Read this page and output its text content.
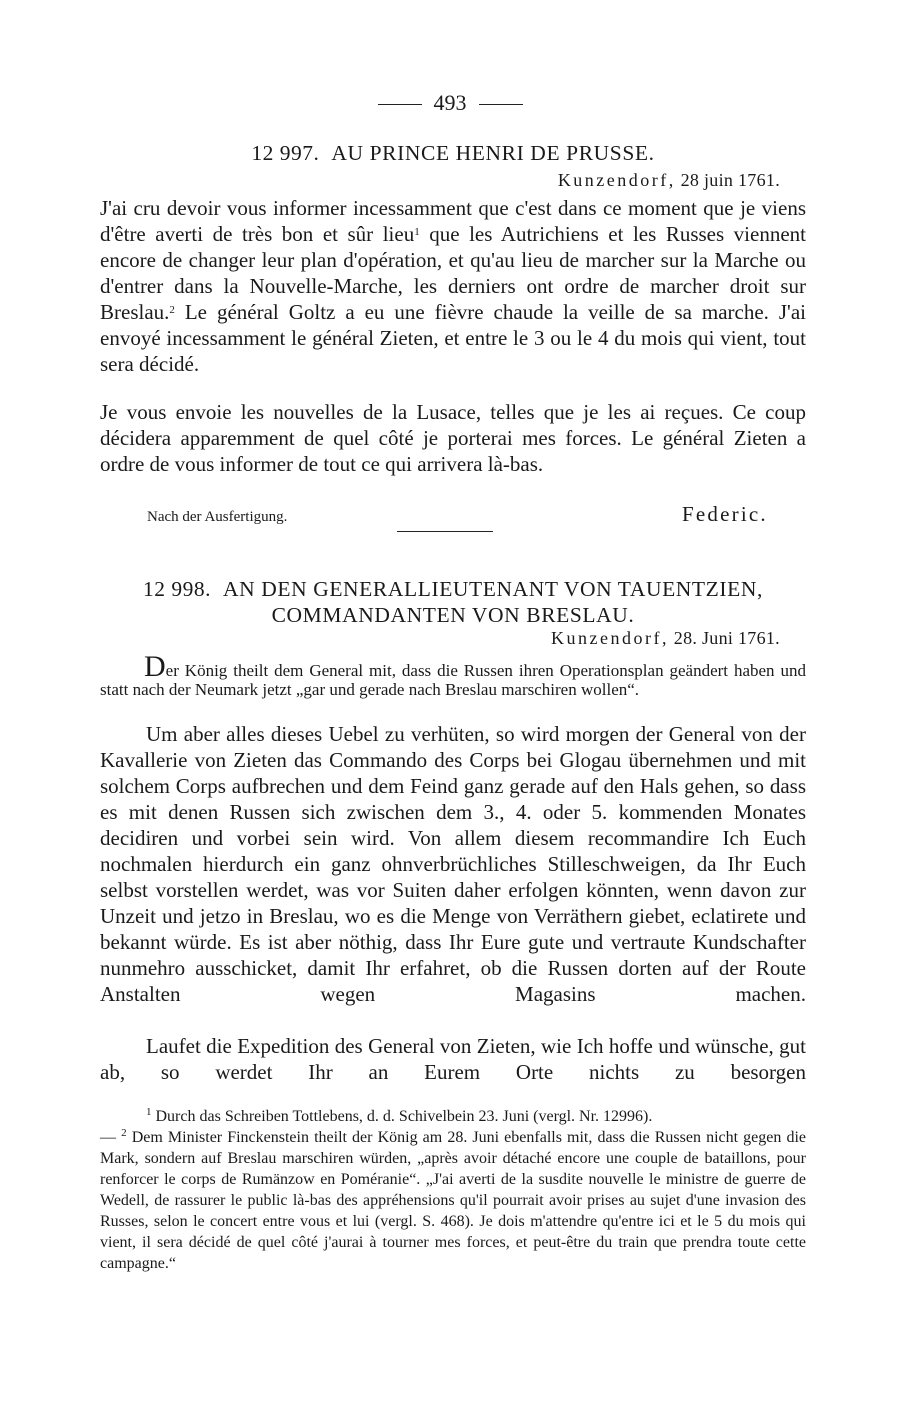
493
12 997. AU PRINCE HENRI DE PRUSSE.
Kunzendorf, 28 juin 1761.

J'ai cru devoir vous informer incessamment que c'est dans ce moment que je viens d'être averti de très bon et sûr lieu$^1$ que les Autrichiens et les Russes viennent encore de changer leur plan d'opération, et qu'au lieu de marcher sur la Marche ou d'entrer dans la Nouvelle-Marche, les derniers ont ordre de marcher droit sur Breslau.$^2$ Le général Goltz a eu une fièvre chaude la veille de sa marche. J'ai envoyé incessamment le général Zieten, et entre le 3 ou le 4 du mois qui vient, tout sera décidé.

Je vous envoie les nouvelles de la Lusace, telles que je les ai reçues. Ce coup décidera apparemment de quel côté je porterai mes forces. Le général Zieten a ordre de vous informer de tout ce qui arrivera là-bas.

Nach der Ausfertigung.	Federic.
12 998. AN DEN GENERALLIEUTENANT VON TAUENTZIEN,
COMMANDANTEN VON BRESLAU.
Kunzendorf, 28. Juni 1761.

Der König theilt dem General mit, dass die Russen ihren Operationsplan geändert haben und statt nach der Neumark jetzt „gar und gerade nach Breslau marschiren wollen“.

Um aber alles dieses Uebel zu verhüten, so wird morgen der General von der Kavallerie von Zieten das Commando des Corps bei Glogau übernehmen und mit solchem Corps aufbrechen und dem Feind ganz gerade auf den Hals gehen, so dass es mit denen Russen sich zwischen dem 3., 4. oder 5. kommenden Monates decidiren und vorbei sein wird. Von allem diesem recommandire Ich Euch nochmalen hierdurch ein ganz ohnverbrüchliches Stilleschweigen, da Ihr Euch selbst vorstellen werdet, was vor Suiten daher erfolgen könnten, wenn davon zur Unzeit und jetzo in Breslau, wo es die Menge von Verräthern giebet, eclatirete und bekannt würde. Es ist aber nöthig, dass Ihr Eure gute und vertraute Kundschafter nunmehro ausschicket, damit Ihr erfahret, ob die Russen dorten auf der Route Anstalten wegen Magasins machen.

Laufet die Expedition des General von Zieten, wie Ich hoffe und wünsche, gut ab, so werdet Ihr an Eurem Orte nichts zu besorgen

$^1$ Durch das Schreiben Tottlebens, d. d. Schivelbein 23. Juni (vergl. Nr. 12996).

— $^2$ Dem Minister Finckenstein theilt der König am 28. Juni ebenfalls mit, dass die Russen nicht gegen die Mark, sondern auf Breslau marschiren würden, „après avoir détaché encore une couple de bataillons, pour renforcer le corps de Rumänzow en Poméranie“. „J'ai averti de la susdite nouvelle le ministre de guerre de Wedell, de rassurer le public là-bas des appréhensions qu'il pourrait avoir prises au sujet d'une invasion des Russes, selon le concert entre vous et lui (vergl. S. 468). Je dois m'attendre qu'entre ici et le 5 du mois qui vient, il sera décidé de quel côté j'aurai à tourner mes forces, et peut-être du train que prendra toute cette campagne.“
